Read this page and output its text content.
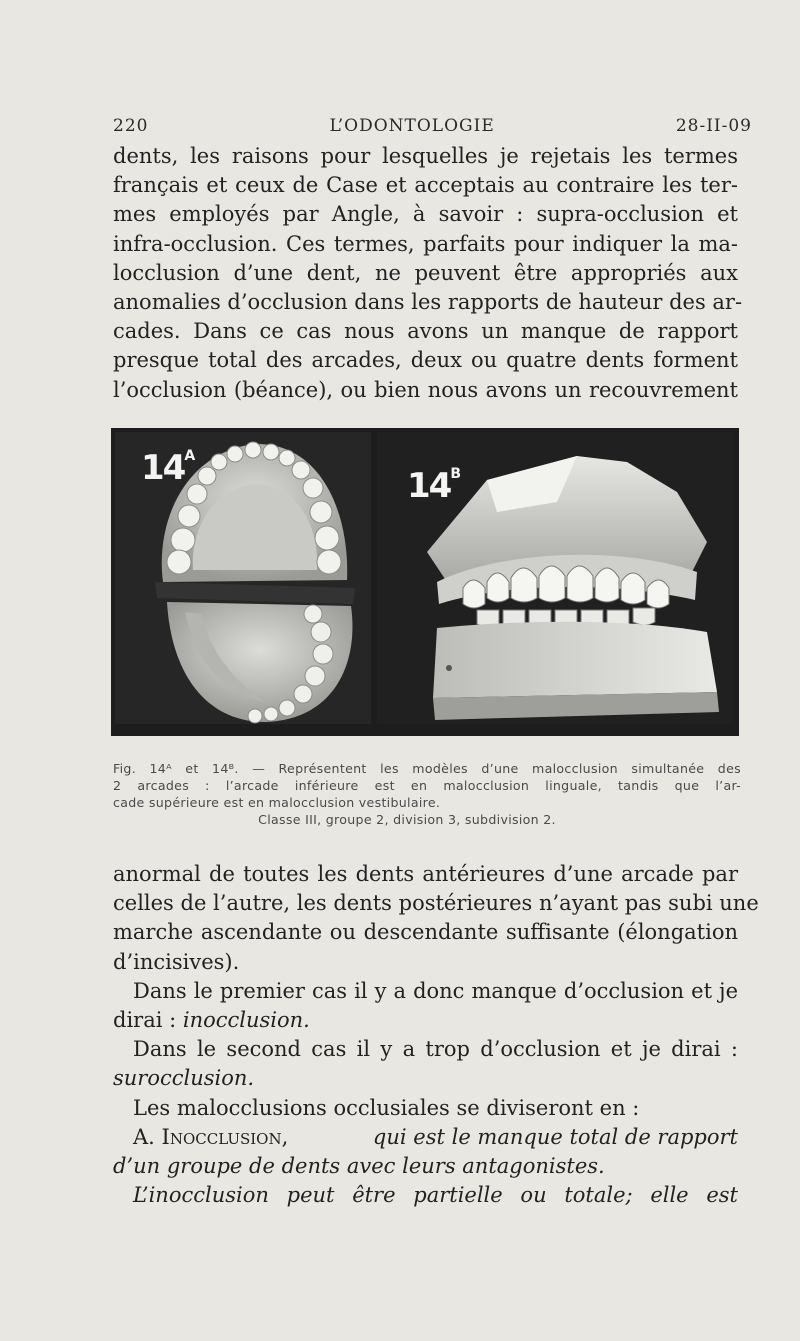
220	L’ODONTOLOGIE	28-II-09
dents, les raisons pour lesquelles je rejetais les termes
français et ceux de Case et acceptais au contraire les ter-
mes employés par Angle, à savoir : supra-occlusion et
infra-occlusion. Ces termes, parfaits pour indiquer la ma-
locclusion d’une dent, ne peuvent être appropriés aux
anomalies d’occlusion dans les rapports de hauteur des ar-
cades. Dans ce cas nous avons un manque de rapport
presque total des arcades, deux ou quatre dents forment
l’occlusion (béance), ou bien nous avons un recouvrement
$14^A$
$14^B$
Fig. 14ᴬ et 14ᴮ. — Représentent les modèles d’une malocclusion simultanée des
2 arcades : l’arcade inférieure est en malocclusion linguale, tandis que l’ar-
cade supérieure est en malocclusion vestibulaire.
Classe III, groupe 2, division 3, subdivision 2.
anormal de toutes les dents antérieures d’une arcade par
celles de l’autre, les dents postérieures n’ayant pas subi une
marche ascendante ou descendante suffisante (élongation
d’incisives).
Dans le premier cas il y a donc manque d’occlusion et je
dirai : inocclusion.
Dans le second cas il y a trop d’occlusion et je dirai :
surocclusion.
Les malocclusions occlusiales se diviseront en :
A. Inocclusion,	qui est le manque total de rapport
d’un groupe de dents avec leurs antagonistes.
L’inocclusion peut être partielle ou totale; elle est
